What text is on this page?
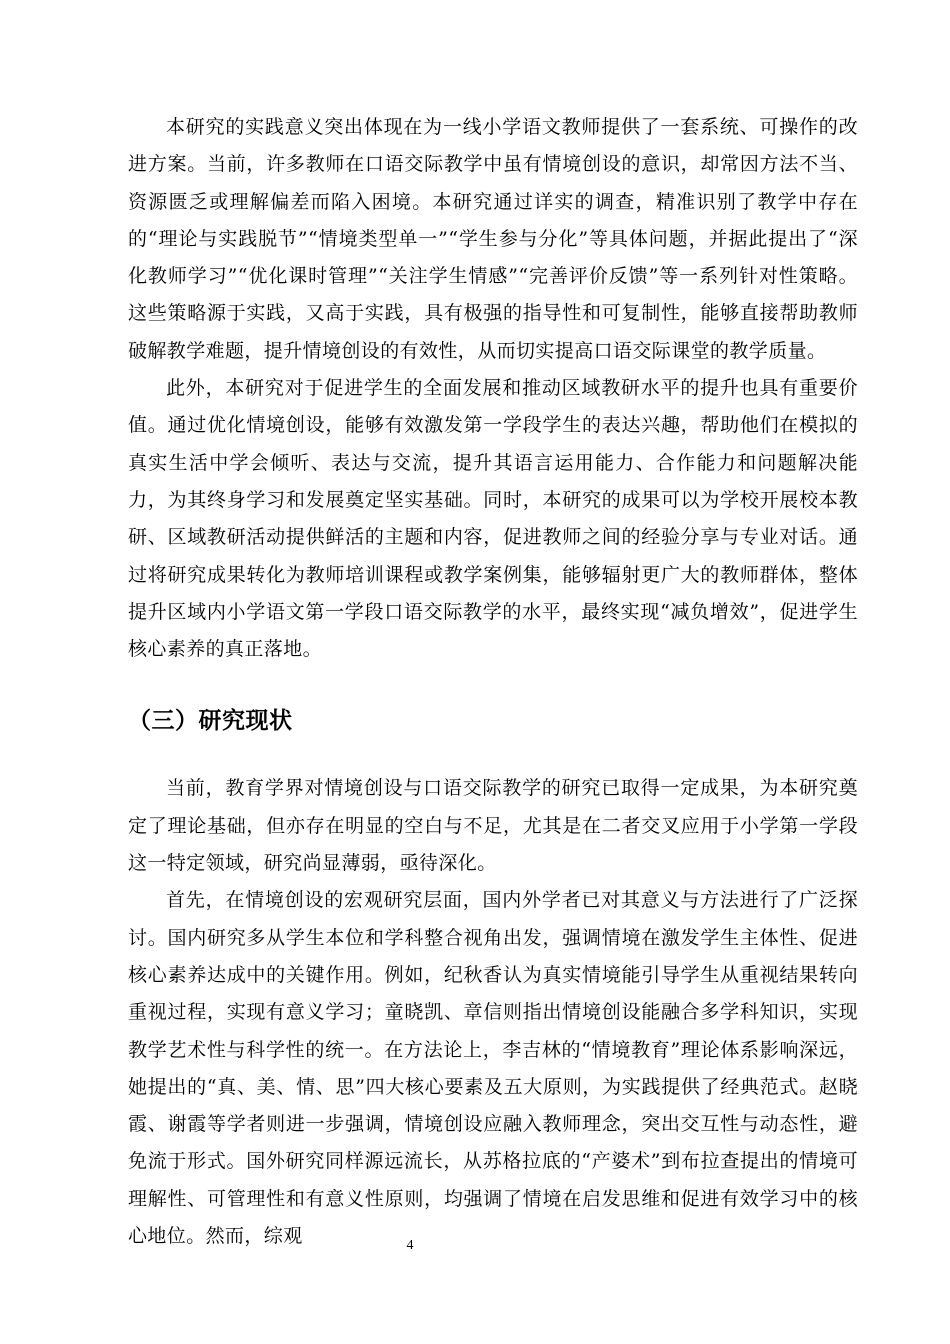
本研究的实践意义突出体现在为一线小学语文教师提供了一套系统、可操作的改进方案。当前，许多教师在口语交际教学中虽有情境创设的意识，却常因方法不当、资源匮乏或理解偏差而陷入困境。本研究通过详实的调查，精准识别了教学中存在的“理论与实践脱节”“情境类型单一”“学生参与分化”等具体问题，并据此提出了“深化教师学习”“优化课时管理”“关注学生情感”“完善评价反馈”等一系列针对性策略。这些策略源于实践，又高于实践，具有极强的指导性和可复制性，能够直接帮助教师破解教学难题，提升情境创设的有效性，从而切实提高口语交际课堂的教学质量。

此外，本研究对于促进学生的全面发展和推动区域教研水平的提升也具有重要价值。通过优化情境创设，能够有效激发第一学段学生的表达兴趣，帮助他们在模拟的真实生活中学会倾听、表达与交流，提升其语言运用能力、合作能力和问题解决能力，为其终身学习和发展奠定坚实基础。同时，本研究的成果可以为学校开展校本教研、区域教研活动提供鲜活的主题和内容，促进教师之间的经验分享与专业对话。通过将研究成果转化为教师培训课程或教学案例集，能够辐射更广大的教师群体，整体提升区域内小学语文第一学段口语交际教学的水平，最终实现“减负增效”，促进学生核心素养的真正落地。

（三）研究现状

当前，教育学界对情境创设与口语交际教学的研究已取得一定成果，为本研究奠定了理论基础，但亦存在明显的空白与不足，尤其是在二者交叉应用于小学第一学段这一特定领域，研究尚显薄弱，亟待深化。

首先，在情境创设的宏观研究层面，国内外学者已对其意义与方法进行了广泛探讨。国内研究多从学生本位和学科整合视角出发，强调情境在激发学生主体性、促进核心素养达成中的关键作用。例如，纪秋香认为真实情境能引导学生从重视结果转向重视过程，实现有意义学习；童晓凯、章信则指出情境创设能融合多学科知识，实现教学艺术性与科学性的统一。在方法论上，李吉林的“情境教育”理论体系影响深远，她提出的“真、美、情、思”四大核心要素及五大原则，为实践提供了经典范式。赵晓霞、谢霞等学者则进一步强调，情境创设应融入教师理念，突出交互性与动态性，避免流于形式。国外研究同样源远流长，从苏格拉底的“产婆术”到布拉查提出的情境可理解性、可管理性和有意义性原则，均强调了情境在启发思维和促进有效学习中的核心地位。然而，综观	4
